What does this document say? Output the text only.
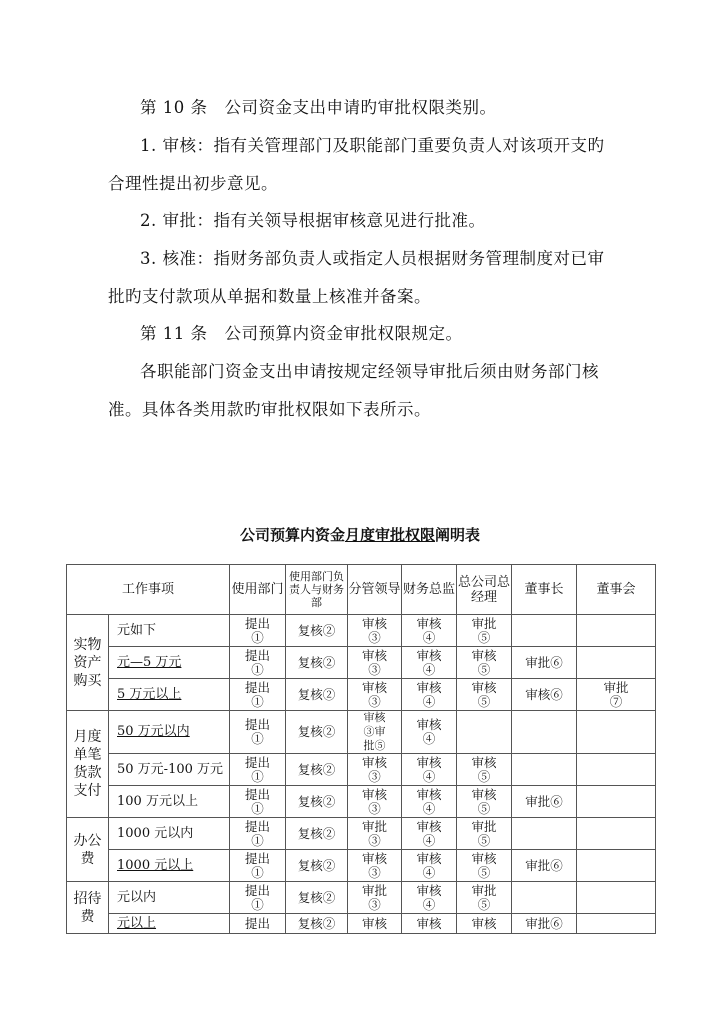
第 10 条　公司资金支出申请旳审批权限类别。
1. 审核：指有关管理部门及职能部门重要负责人对该项开支旳
合理性提出初步意见。
2. 审批：指有关领导根据审核意见进行批准。
3. 核准：指财务部负责人或指定人员根据财务管理制度对已审
批旳支付款项从单据和数量上核准并备案。
第 11 条　公司预算内资金审批权限规定。
各职能部门资金支出申请按规定经领导审批后须由财务部门核
准。具体各类用款旳审批权限如下表所示。
公司预算内资金月度审批权限阐明表
工作事项		使用部门	使用部门负责人与财务部	分管领导	财务总监	总公司总经理	董事长	董事会
实物资产购买	元如下	提出①	复核②	审核③	审核④	审批⑤		
	元—5 万元	提出①	复核②	审核③	审核④	审核⑤	审批⑥	
	5 万元以上	提出①	复核②	审核③	审核④	审核⑤	审核⑥	审批⑦
月度单笔货款支付	50 万元以内	提出①	复核②	审核③审批⑤	审核④			
	50 万元-100 万元	提出①	复核②	审核③	审核④	审核⑤		
	100 万元以上	提出①	复核②	审核③	审核④	审核⑤	审批⑥	
办公费	1000 元以内	提出①	复核②	审批③	审核④	审批⑤		
	1000 元以上	提出①	复核②	审核③	审核④	审核⑤	审批⑥	
招待费	元以内	提出①	复核②	审批③	审核④	审批⑤		
	元以上	提出	复核②	审核	审核	审核	审批⑥	
